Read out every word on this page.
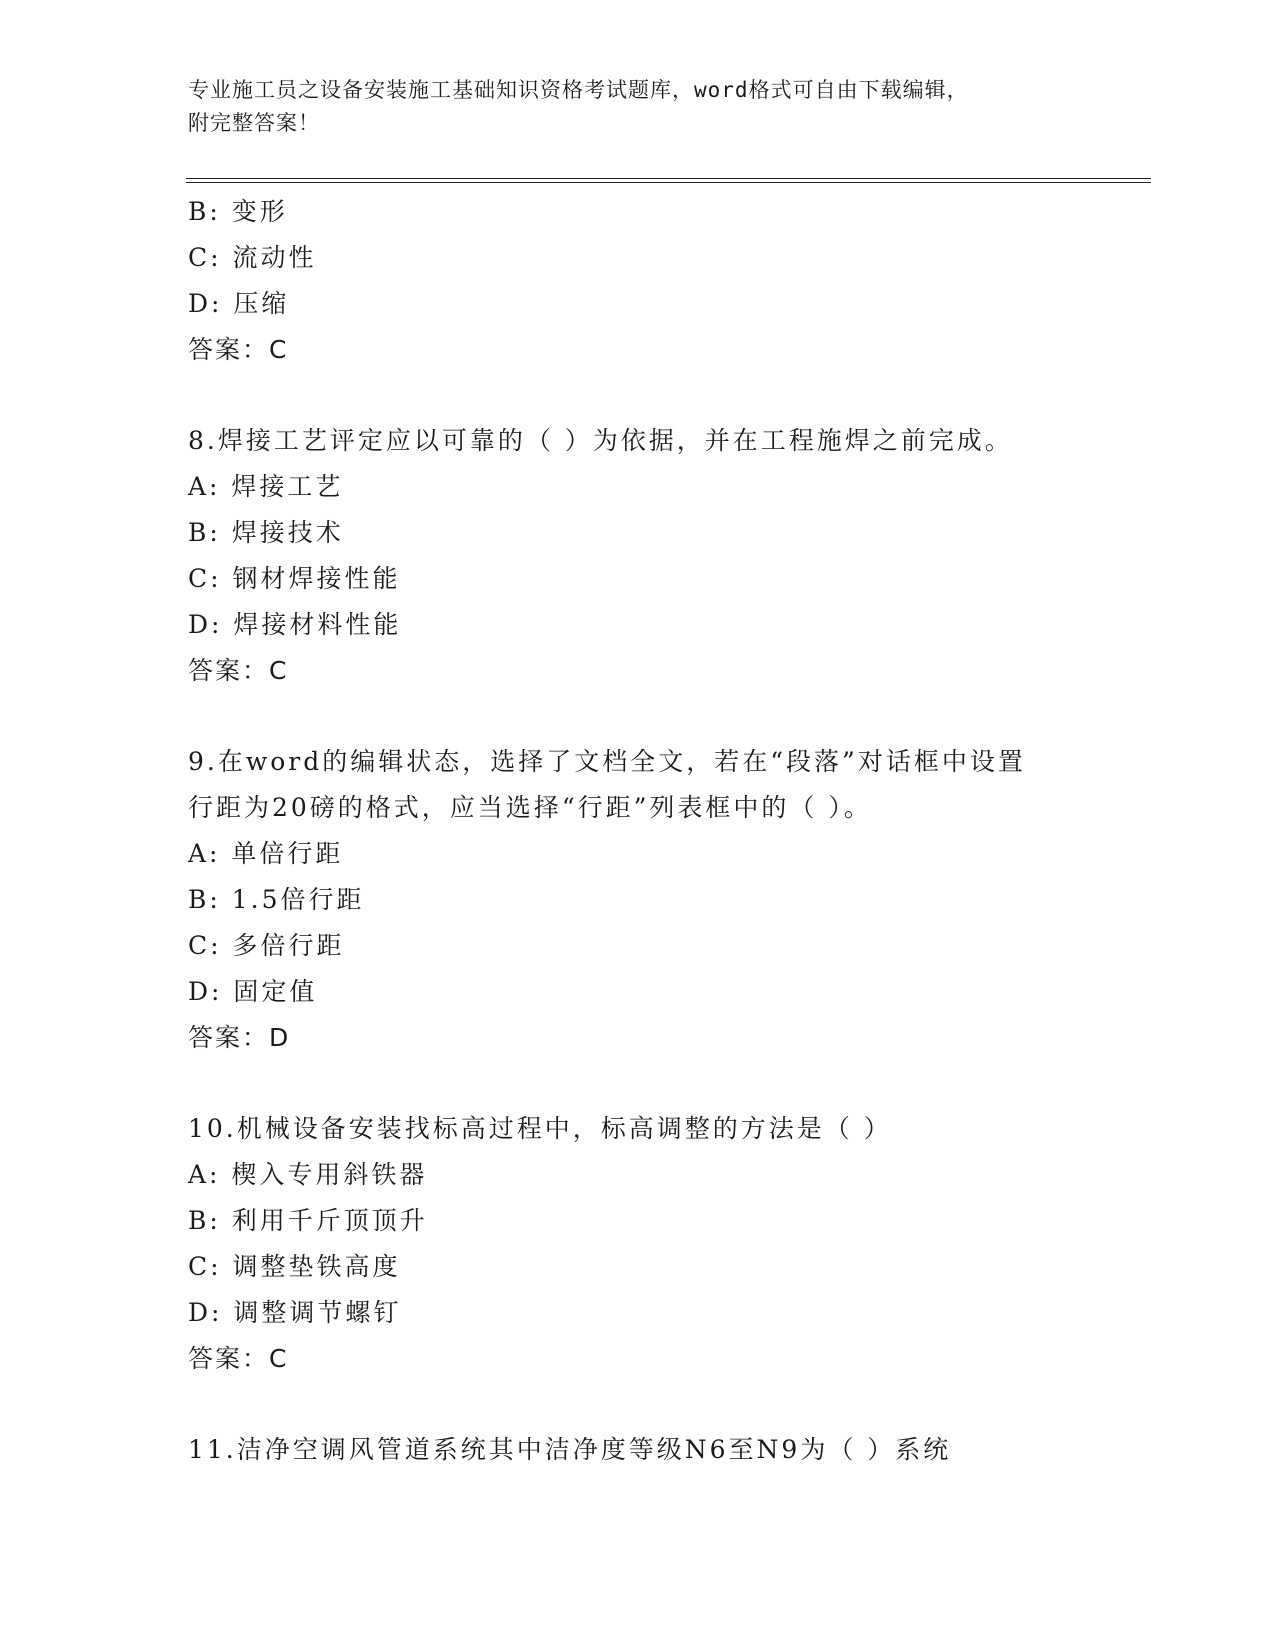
专业施工员之设备安装施工基础知识资格考试题库，word格式可自由下载编辑，
附完整答案！
B: 变形
C: 流动性
D: 压缩
答案：C
8.焊接工艺评定应以可靠的（ ）为依据，并在工程施焊之前完成。
A: 焊接工艺
B: 焊接技术
C: 钢材焊接性能
D: 焊接材料性能
答案：C
9.在word的编辑状态，选择了文档全文，若在“段落”对话框中设置
行距为20磅的格式，应当选择“行距”列表框中的（ ）。
A: 单倍行距
B: 1.5倍行距
C: 多倍行距
D: 固定值
答案：D
10.机械设备安装找标高过程中，标高调整的方法是（ ）
A: 楔入专用斜铁器
B: 利用千斤顶顶升
C: 调整垫铁高度
D: 调整调节螺钉
答案：C
11.洁净空调风管道系统其中洁净度等级N6至N9为（ ）系统
